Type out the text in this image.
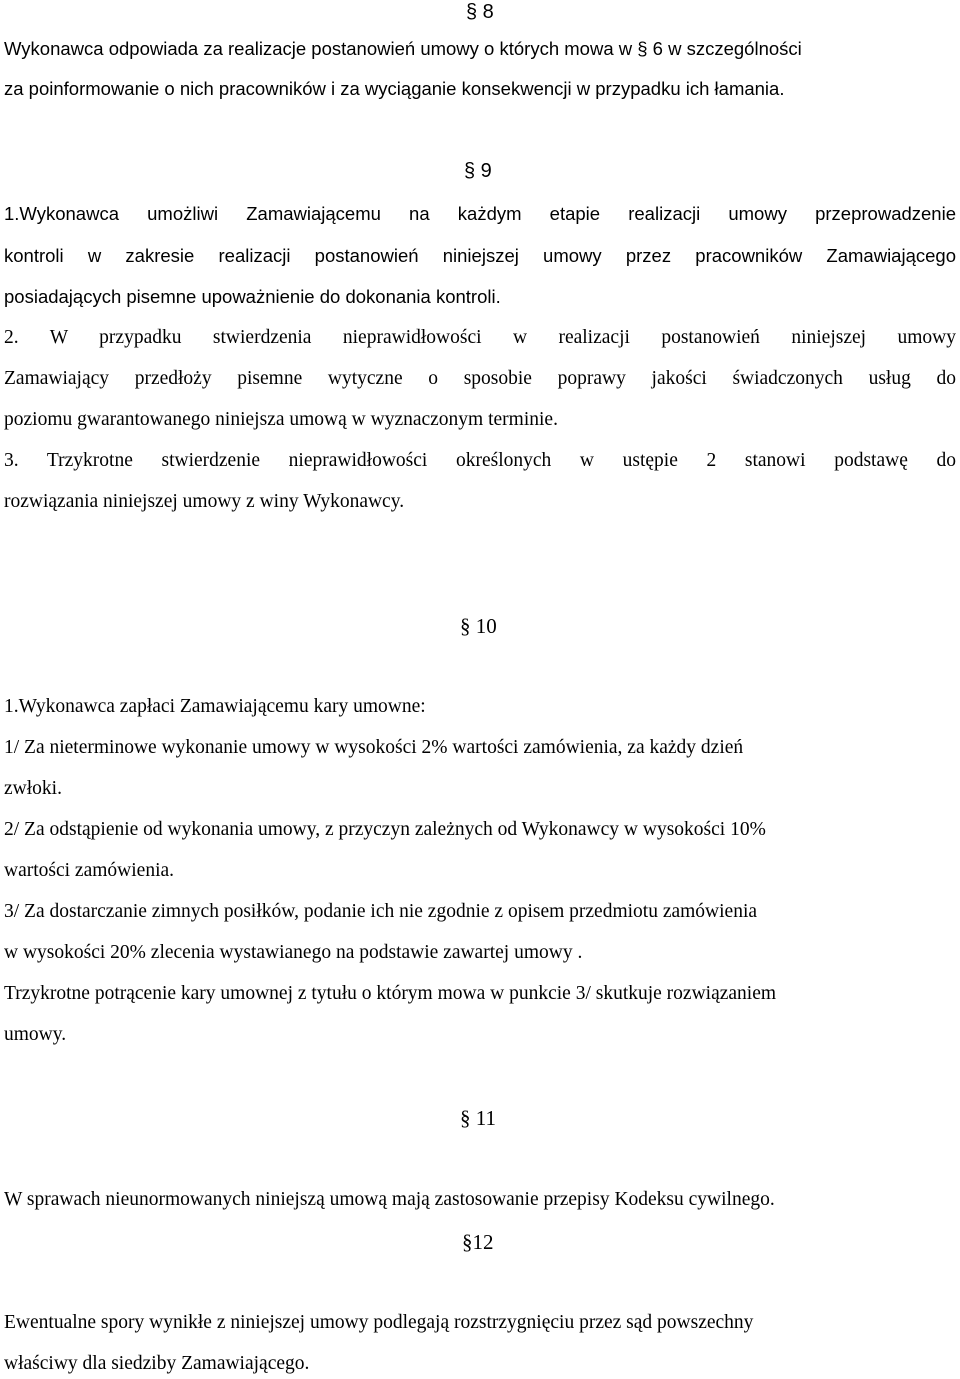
§ 8
Wykonawca odpowiada za realizacje postanowień umowy o których mowa w § 6 w szczególności
za poinformowanie o nich pracowników i za wyciąganie konsekwencji w przypadku ich łamania.
§ 9
1.Wykonawca umożliwi Zamawiającemu na każdym etapie realizacji umowy przeprowadzenie
kontroli w zakresie realizacji postanowień niniejszej umowy przez pracowników Zamawiającego
posiadających pisemne upoważnienie do dokonania kontroli.
2. W przypadku stwierdzenia nieprawidłowości w realizacji postanowień niniejszej umowy
Zamawiający przedłoży pisemne wytyczne o sposobie poprawy jakości świadczonych usług do
poziomu gwarantowanego niniejsza umową w wyznaczonym terminie.
3. Trzykrotne stwierdzenie nieprawidłowości określonych w ustępie 2 stanowi podstawę do
rozwiązania niniejszej umowy z winy Wykonawcy.
§ 10
1.Wykonawca zapłaci Zamawiającemu kary umowne:
1/ Za nieterminowe wykonanie umowy w wysokości 2% wartości zamówienia, za każdy dzień
zwłoki.
2/ Za odstąpienie od wykonania umowy, z przyczyn zależnych od Wykonawcy w wysokości 10%
wartości zamówienia.
3/ Za dostarczanie zimnych posiłków, podanie ich nie zgodnie z opisem przedmiotu zamówienia
w wysokości 20% zlecenia wystawianego na podstawie zawartej umowy .
Trzykrotne potrącenie kary umownej z tytułu o którym mowa w punkcie 3/ skutkuje rozwiązaniem
umowy.
§ 11
W sprawach nieunormowanych niniejszą umową mają zastosowanie przepisy Kodeksu cywilnego.
§12
Ewentualne spory wynikłe z niniejszej umowy podlegają rozstrzygnięciu przez sąd powszechny
właściwy dla siedziby Zamawiającego.
